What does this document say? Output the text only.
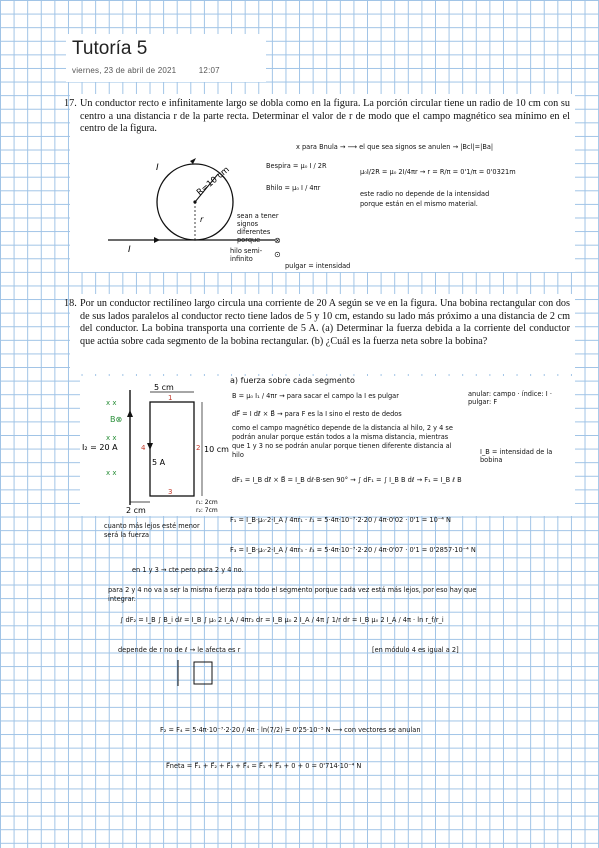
Tutoría 5
viernes, 23 de abril de 2021	12:07
17. Un conductor recto e infinitamente largo se dobla como en la figura. La porción circular tiene un radio de 10 cm con su centro a una distancia r de la parte recta. Determinar el valor de r de modo que el campo magnético sea mínimo en el centro de la figura.
I
I
R=10 cm
r	sean a tener signos diferentes porque
hilo semi-infinito
pulgar = intensidad
⊗
⊙
x para Bnula → ⟶ el que sea signos se anulen → |Bcl|=|Ba|
Bespira = μ₀ I / 2R
Bhilo = μ₀ I / 4πr
μ₀I/2R = μ₀ 2I/4πr → r = R/π = 0'1/π = 0'0321m
este radio no depende de la intensidad
porque están en el mismo material.
18. Por un conductor rectilíneo largo circula una corriente de 20 A según se ve en la figura. Una bobina rectangular con dos de sus lados paralelos al conductor recto tiene lados de 5 y 10 cm, estando su lado más próximo a una distancia de 2 cm del conductor. La bobina transporta una corriente de 5 A. (a) Determinar la fuerza debida a la corriente del conductor que actúa sobre cada segmento de la bobina rectangular. (b) ¿Cuál es la fuerza neta sobre la bobina?
x x
x x
x x
B⊗
1
2
3
4
5 cm
10 cm
I₂ = 20 A
5 A
2 cm
r₁: 2cm
r₂: 7cm
a) fuerza sobre cada segmento
B = μ₀ I₁ / 4πr → para sacar el campo la I es pulgar
dF⃗ = I dℓ⃗ × B⃗ → para F es la I sino el resto de dedos
anular: campo · índice: I · pulgar: F
como el campo magnético depende de la distancia al hilo, 2 y 4 se podrán anular porque están todos a la misma distancia, mientras que 1 y 3 no se podrán anular porque tienen diferente distancia al hilo	I_B = intensidad de la bobina
dF₁ = I_B dℓ⃗ × B⃗ = I_B dℓ·B·sen 90° → ∫ dF₁ = ∫ I_B B dℓ → F₁ = I_B ℓ B
cuanto más lejos esté menor será la fuerza
F₁ = I_B·μ₀·2·I_A / 4πr₁ · ℓ₁ = 5·4π·10⁻⁷·2·20 / 4π·0'02 · 0'1 = 10⁻⁴ N
F₃ = I_B·μ₀·2·I_A / 4πr₃ · ℓ₃ = 5·4π·10⁻⁷·2·20 / 4π·0'07 · 0'1 = 0'2857·10⁻⁴ N
en 1 y 3 → cte pero para 2 y 4 no.
para 2 y 4 no va a ser la misma fuerza para todo el segmento porque cada vez está más lejos, por eso hay que integrar.
∫ dF₂ = I_B ∫ B_i dℓ = I_B ∫ μ₀ 2 I_A / 4πr₂ dr = I_B μ₀ 2 I_A / 4π ∫ 1/r dr = I_B μ₀ 2 I_A / 4π · ln r_f/r_i
depende de r no de ℓ → le afecta es r	[en módulo 4 es igual a 2]
F₂ = F₄ = 5·4π·10⁻⁷·2·20 / 4π · ln(7/2) = 0'25·10⁻⁵ N ⟶ con vectores se anulan
F⃗neta = F⃗₁ + F⃗₂ + F⃗₃ + F⃗₄ = F⃗₁ + F⃗₃ + 0 + 0 = 0'714·10⁻⁴ N
